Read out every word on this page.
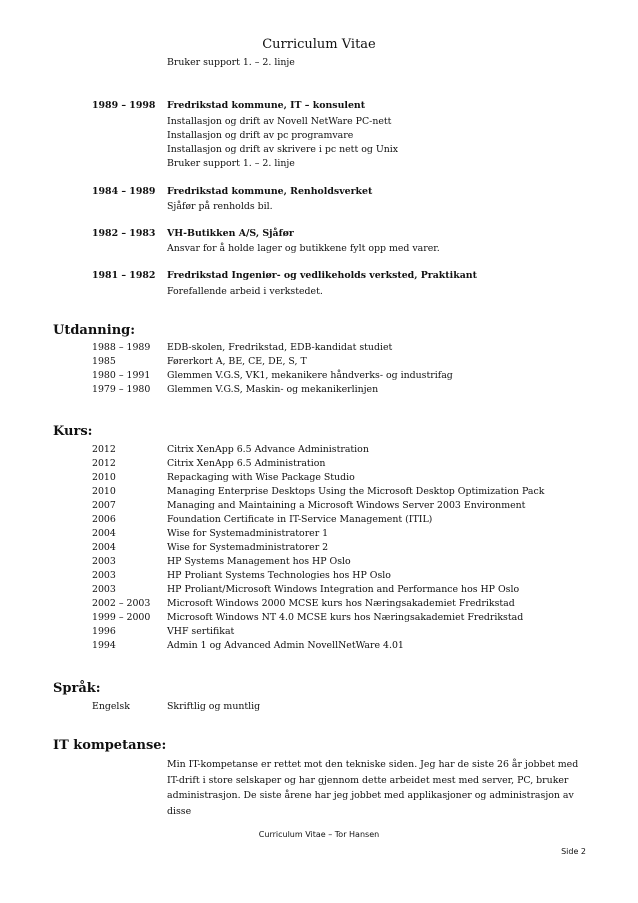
Curriculum Vitae
Bruker support 1. – 2. linje
1989 – 1998 Fredrikstad kommune, IT – konsulent
Installasjon og drift av Novell NetWare PC-nett
Installasjon og drift av pc programvare
Installasjon og drift av skrivere i pc nett og Unix
Bruker support 1. – 2. linje
1984 – 1989 Fredrikstad kommune, Renholdsverket
Sjåfør på renholds bil.
1982 – 1983 VH-Butikken A/S, Sjåfør
Ansvar for å holde lager og butikkene fylt opp med varer.
1981 – 1982 Fredrikstad Ingeniør- og vedlikeholds verksted, Praktikant
Forefallende arbeid i verkstedet.
Utdanning:
1988 – 1989 EDB-skolen, Fredrikstad, EDB-kandidat studiet
1985	Førerkort A, BE, CE, DE, S, T
1980 – 1991 Glemmen V.G.S, VK1, mekanikere håndverks- og industrifag
1979 – 1980 Glemmen V.G.S, Maskin- og mekanikerlinjen
Kurs:
2012	Citrix XenApp 6.5 Advance Administration
2012	Citrix XenApp 6.5 Administration
2010	Repackaging with Wise Package Studio
2010	Managing Enterprise Desktops Using the Microsoft Desktop Optimization Pack
2007	Managing and Maintaining a Microsoft Windows Server 2003 Environment
2006	Foundation Certificate in IT-Service Management (ITIL)
2004	Wise for Systemadministratorer 1
2004	Wise for Systemadministratorer 2
2003	HP Systems Management hos HP Oslo
2003	HP Proliant Systems Technologies hos HP Oslo
2003	HP Proliant/Microsoft Windows Integration and Performance hos HP Oslo
2002 – 2003 Microsoft Windows 2000 MCSE kurs hos Næringsakademiet Fredrikstad
1999 – 2000 Microsoft Windows NT 4.0 MCSE kurs hos Næringsakademiet Fredrikstad
1996	VHF sertifikat
1994	Admin 1 og Advanced Admin NovellNetWare 4.01
Språk:
Engelsk	Skriftlig og muntlig
IT kompetanse:
Min IT-kompetanse er rettet mot den tekniske siden. Jeg har de siste 26 år jobbet med IT-drift i store selskaper og har gjennom dette arbeidet mest med server, PC, bruker administrasjon. De siste årene har jeg jobbet med applikasjoner og administrasjon av disse
Curriculum Vitae – Tor Hansen
Side 2
